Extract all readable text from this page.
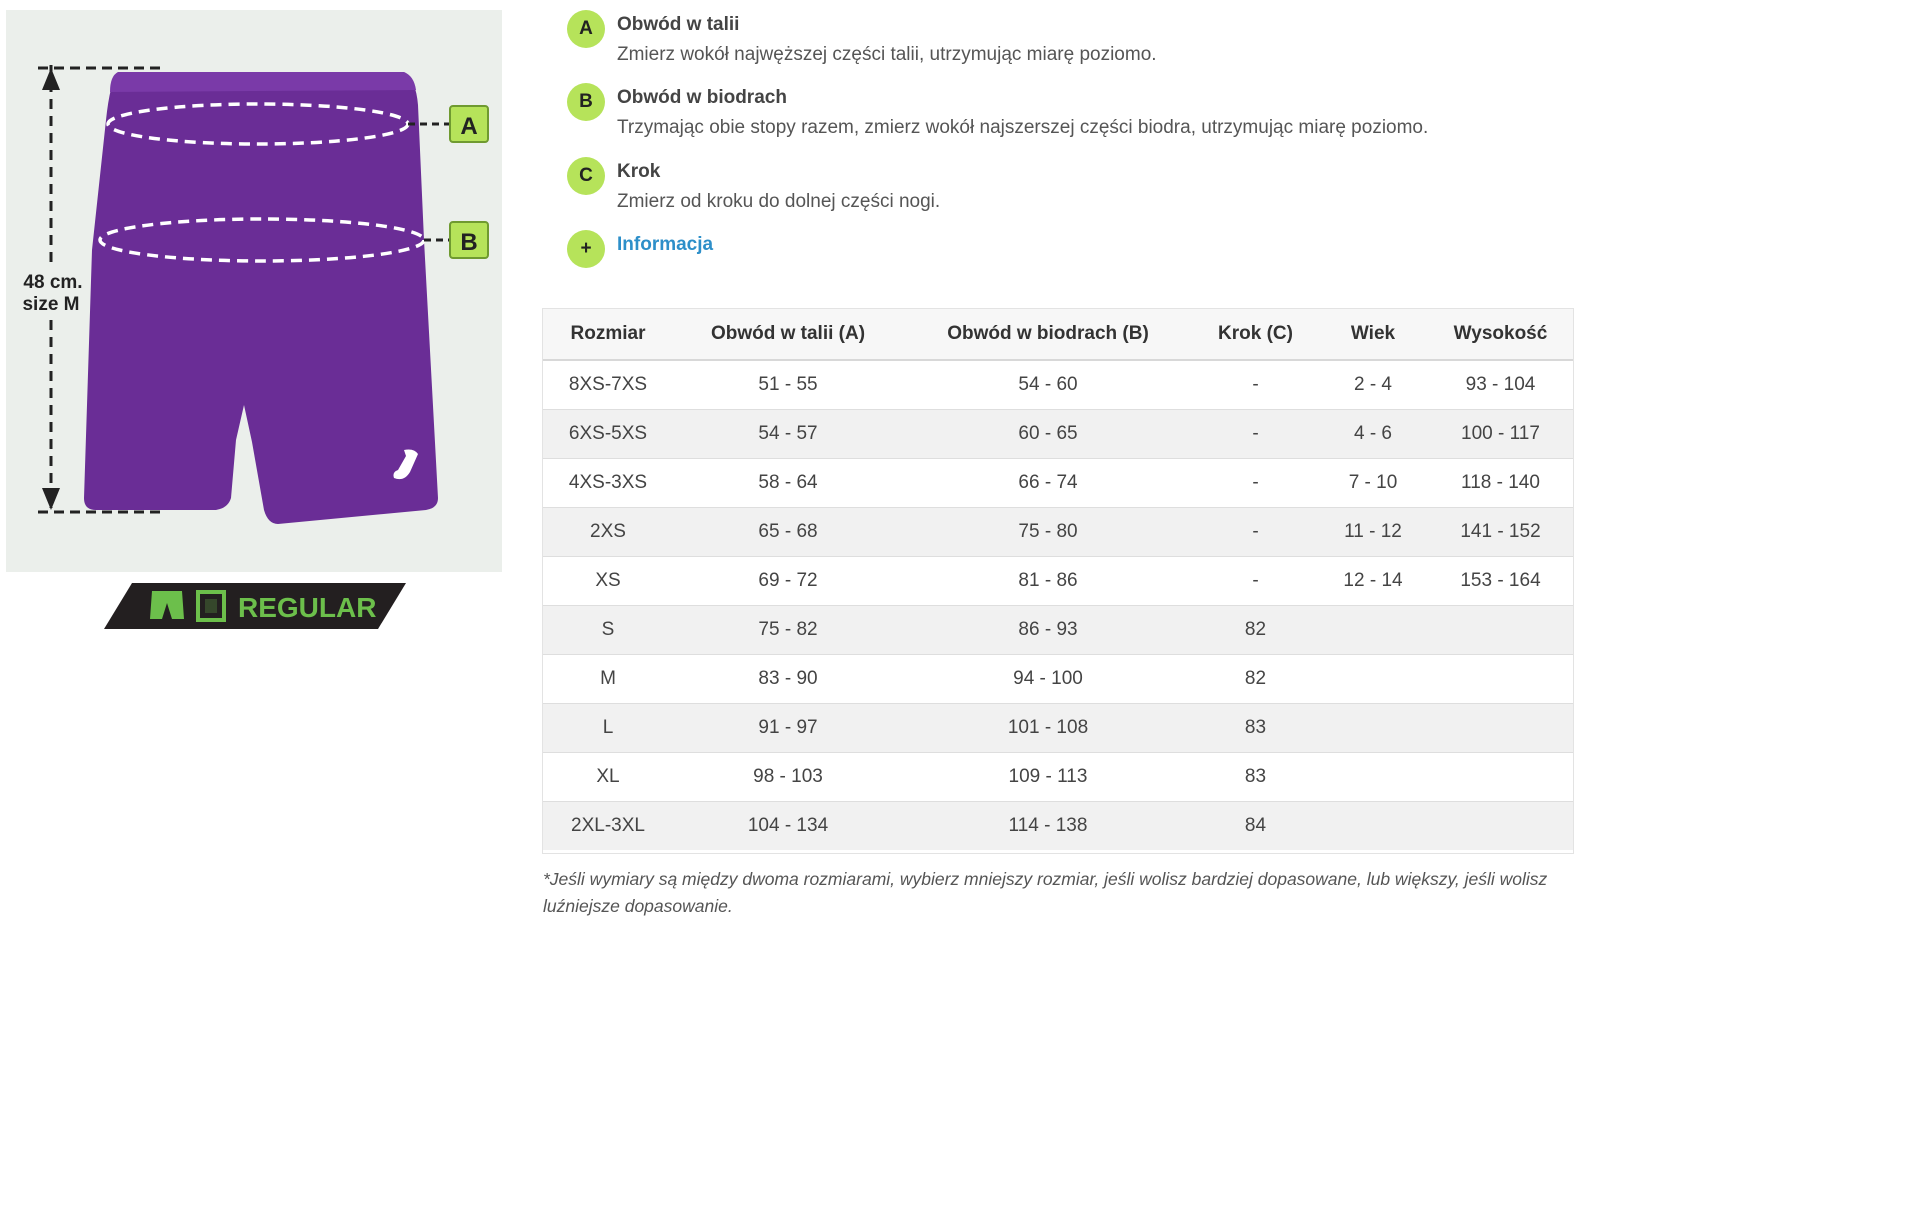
48 cm.
size M
A
B
REGULAR
A	Obwód w talii
Zmierz wokół najwęższej części talii, utrzymując miarę poziomo.
B	Obwód w biodrach
Trzymając obie stopy razem, zmierz wokół najszerszej części biodra, utrzymując miarę poziomo.
C	Krok
Zmierz od kroku do dolnej części nogi.
+	Informacja
Rozmiar	Obwód w talii (A)	Obwód w biodrach (B)	Krok (C)	Wiek	Wysokość
8XS-7XS	51 - 55	54 - 60	-	2 - 4	93 - 104
6XS-5XS	54 - 57	60 - 65	-	4 - 6	100 - 117
4XS-3XS	58 - 64	66 - 74	-	7 - 10	118 - 140
2XS	65 - 68	75 - 80	-	11 - 12	141 - 152
XS	69 - 72	81 - 86	-	12 - 14	153 - 164
S	75 - 82	86 - 93	82		
M	83 - 90	94 - 100	82		
L	91 - 97	101 - 108	83		
XL	98 - 103	109 - 113	83		
2XL-3XL	104 - 134	114 - 138	84		
*Jeśli wymiary są między dwoma rozmiarami, wybierz mniejszy rozmiar, jeśli wolisz bardziej dopasowane, lub większy, jeśli wolisz
luźniejsze dopasowanie.
